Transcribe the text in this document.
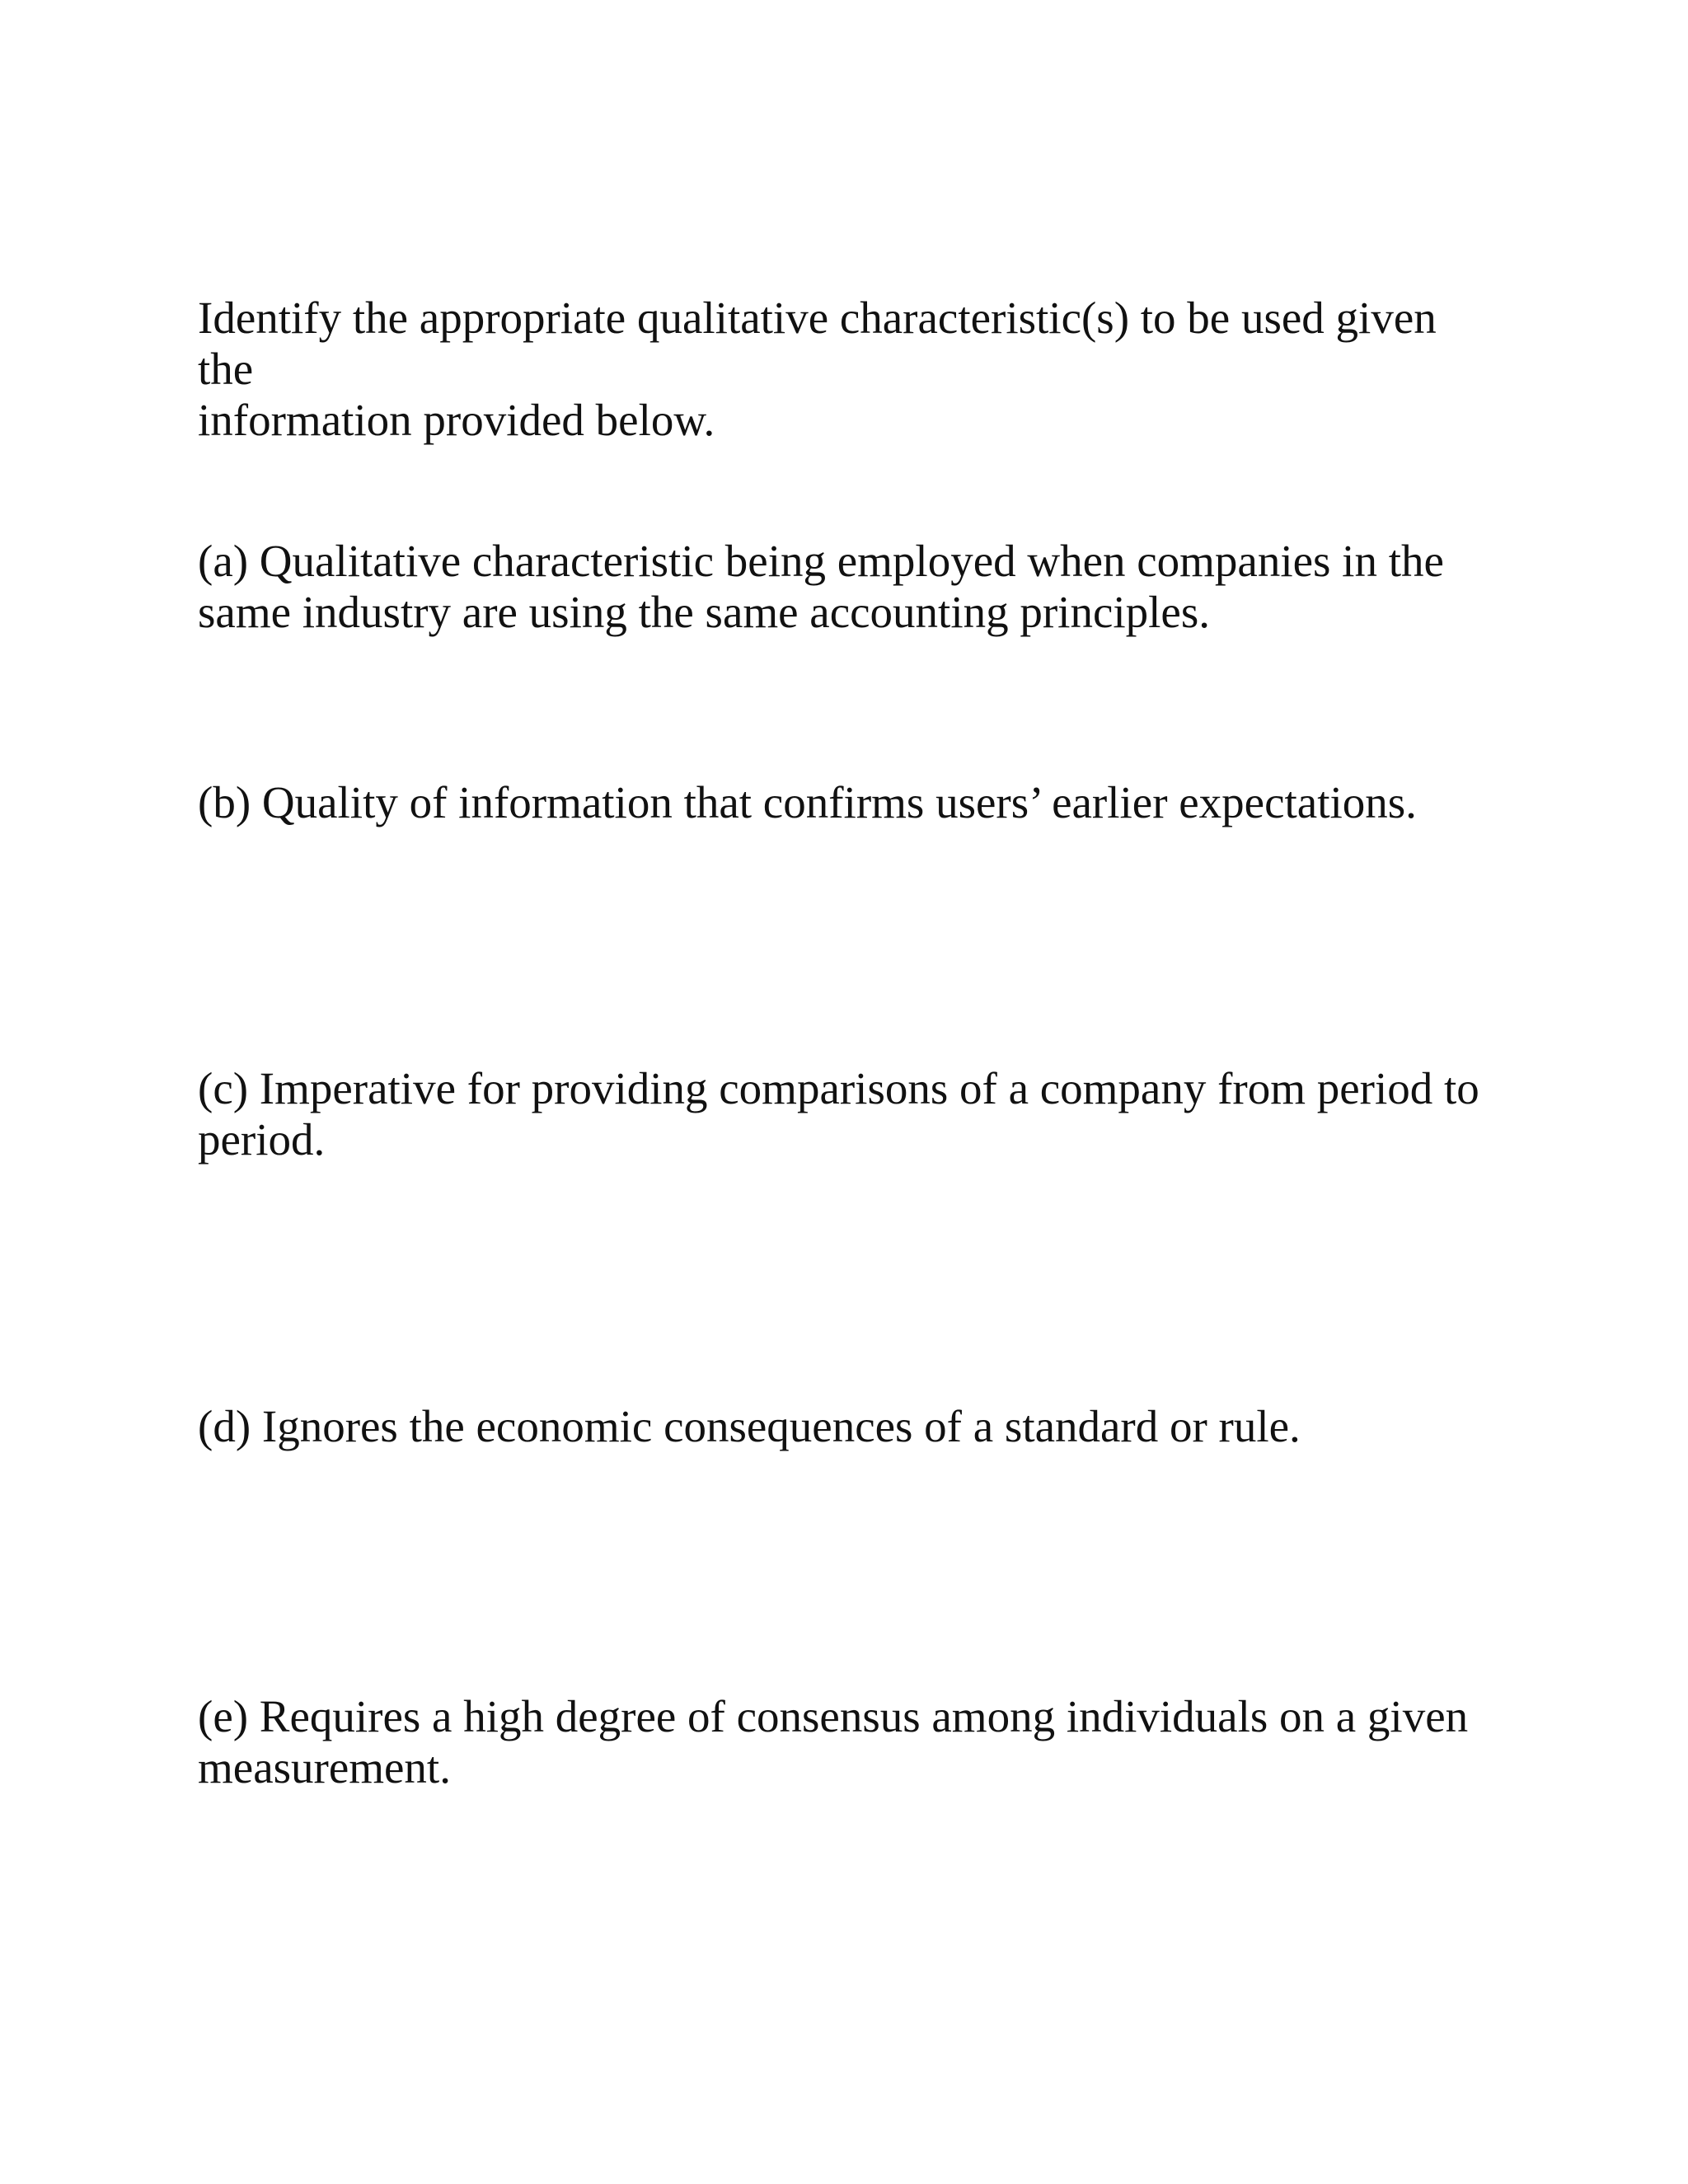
Identify the appropriate qualitative characteristic(s) to be used given the
information provided below.

(a) Qualitative characteristic being employed when companies in the
same industry are using the same accounting principles.

(b) Quality of information that confirms users’ earlier expectations.

(c) Imperative for providing comparisons of a company from period to
period.

(d) Ignores the economic consequences of a standard or rule.

(e) Requires a high degree of consensus among individuals on a given
measurement.
